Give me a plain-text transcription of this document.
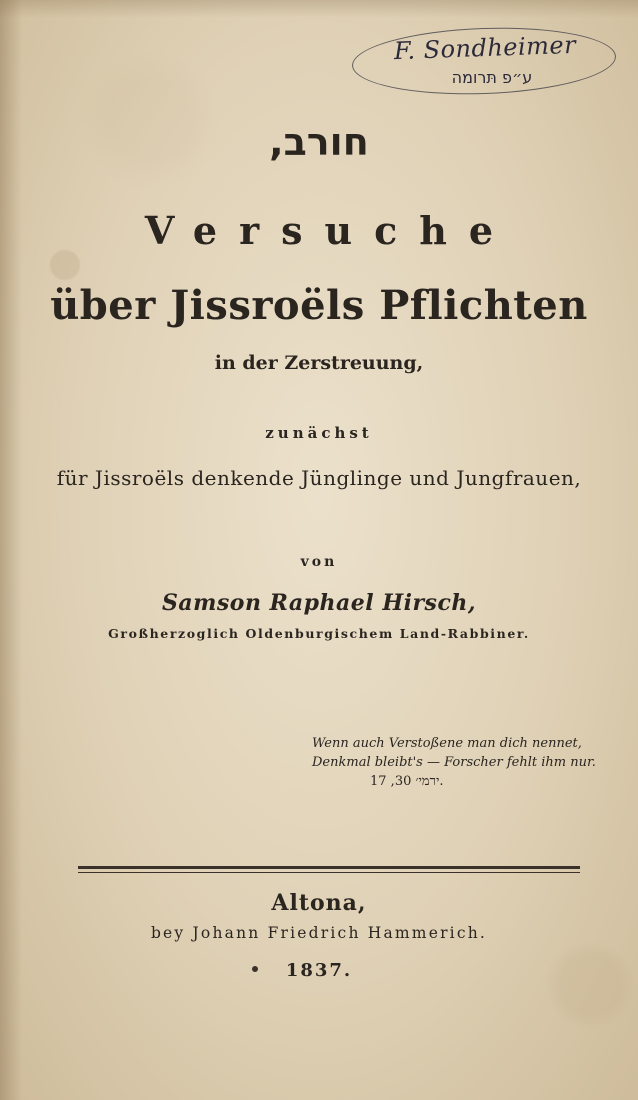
F. Sondheimer
ע״פ תּרומה
חורב,
Versuche
über Jissroëls Pflichten
in der Zerstreuung,
zunächst
für Jissroëls denkende Jünglinge und Jungfrauen,
von
Samson Raphael Hirsch,
Großherzoglich Oldenburgischem Land-Rabbiner.
Wenn auch Verstoßene man dich nennet,
Denkmal bleibt's — Forscher fehlt ihm nur.
ירמי׳ 30, 17.
Altona,
bey Johann Friedrich Hammerich.
1837.
